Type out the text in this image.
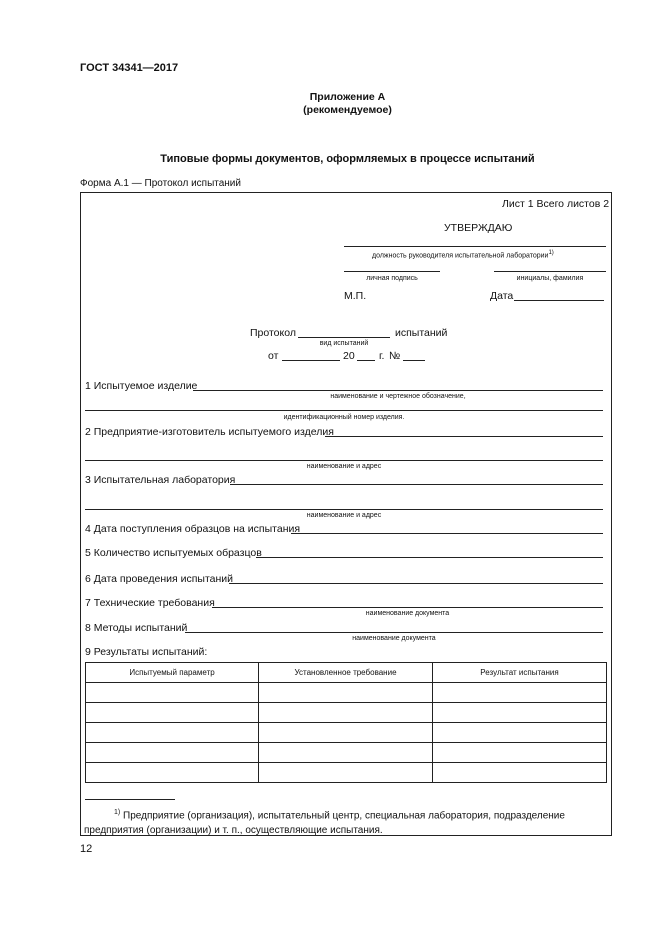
ГОСТ 34341—2017
Приложение А
(рекомендуемое)
Типовые формы документов, оформляемых в процессе испытаний
Форма А.1 — Протокол испытаний
Лист 1 Всего листов 2
УТВЕРЖДАЮ
должность руководителя испытательной лаборатории$^{1)}$
личная подпись	инициалы, фамилия
М.П.	Дата
Протокол	испытаний
вид испытаний
от	20 г. №
1 Испытуемое изделие
наименование и чертежное обозначение,
идентификационный номер изделия.
2 Предприятие-изготовитель испытуемого изделия
наименование и адрес
3 Испытательная лаборатория
наименование и адрес
4 Дата поступления образцов на испытания
5 Количество испытуемых образцов
6 Дата проведения испытаний
7 Технические требования
наименование документа
8 Методы испытаний
наименование документа
9 Результаты испытаний:
Испытуемый параметр	Установленное требование	Результат испытания

$^{1)}$ Предприятие (организация), испытательный центр, специальная лаборатория, подразделение предприятия (организации) и т. п., осуществляющие испытания.
12
